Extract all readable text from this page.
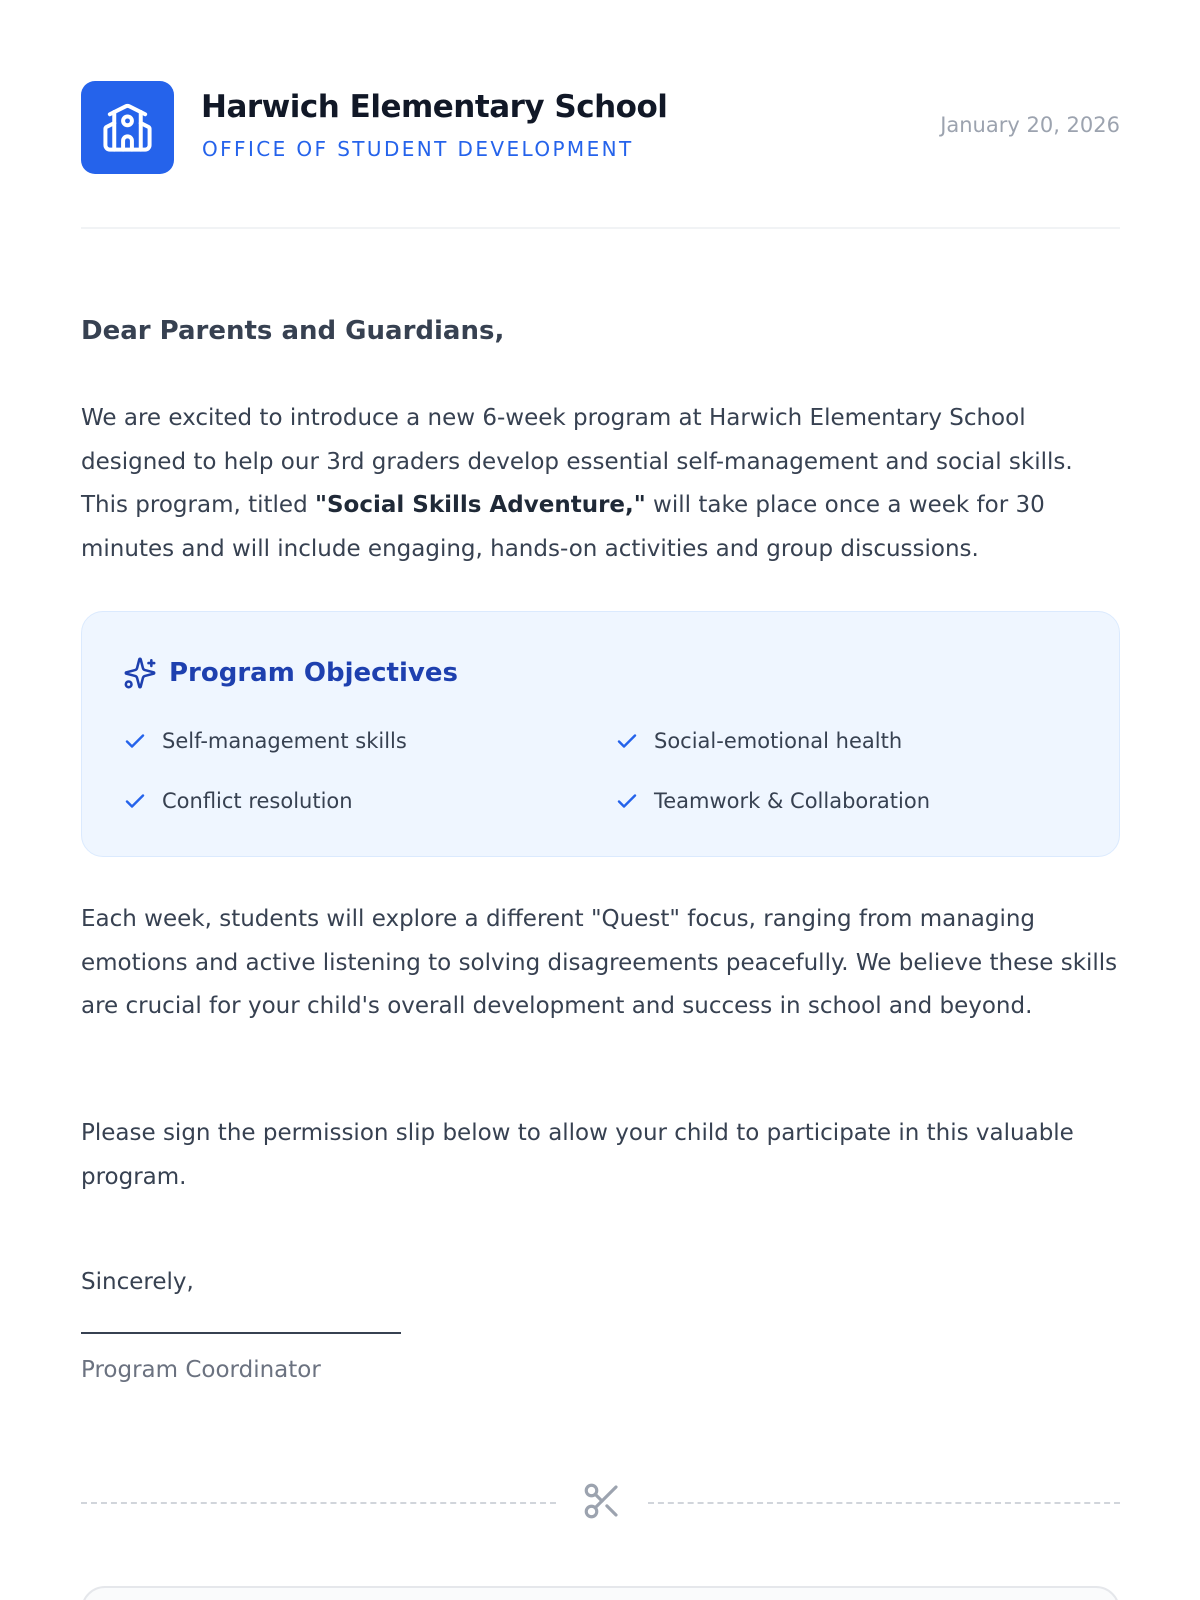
Harwich Elementary School
OFFICE OF STUDENT DEVELOPMENT
January 20, 2026
Dear Parents and Guardians,

We are excited to introduce a new 6-week program at Harwich Elementary School designed to help our 3rd graders develop essential self-management and social skills. This program, titled "Social Skills Adventure," will take place once a week for 30 minutes and will include engaging, hands-on activities and group discussions.

Program Objectives
Self-management skills	Social-emotional health
Conflict resolution	Teamwork & Collaboration

Each week, students will explore a different "Quest" focus, ranging from managing emotions and active listening to solving disagreements peacefully. We believe these skills are crucial for your child's overall development and success in school and beyond.

Please sign the permission slip below to allow your child to participate in this valuable program.

Sincerely,
Program Coordinator
